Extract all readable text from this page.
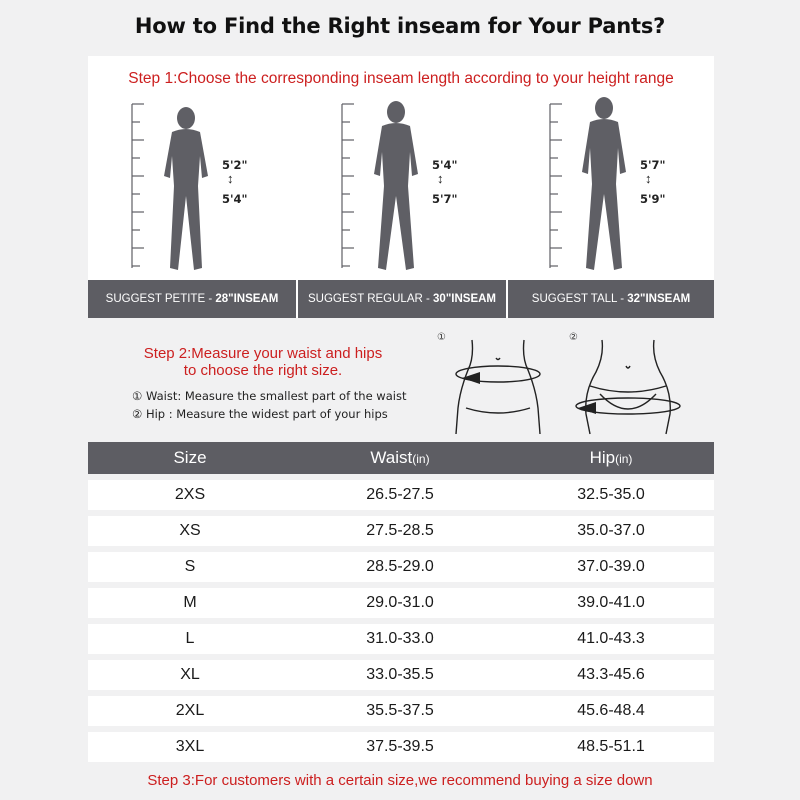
How to Find the Right inseam for Your Pants?
Step 1:Choose the corresponding inseam length according to your height range
5'2"
↕
5'4"
5'4"
↕
5'7"
5'7"
↕
5'9"
SUGGEST PETITE -
28"INSEAM	SUGGEST REGULAR -
30"INSEAM	SUGGEST TALL -
32"INSEAM
Step 2:Measure your waist and hips
to choose the right size.
① Waist: Measure the smallest part of the waist
② Hip : Measure the widest part of your hips
①	②
Size	Waist(in)	Hip(in)
2XS	26.5-27.5	32.5-35.0
XS	27.5-28.5	35.0-37.0
S	28.5-29.0	37.0-39.0
M	29.0-31.0	39.0-41.0
L	31.0-33.0	41.0-43.3
XL	33.0-35.5	43.3-45.6
2XL	35.5-37.5	45.6-48.4
3XL	37.5-39.5	48.5-51.1
Step 3:For customers with a certain size,we recommend buying a size down
